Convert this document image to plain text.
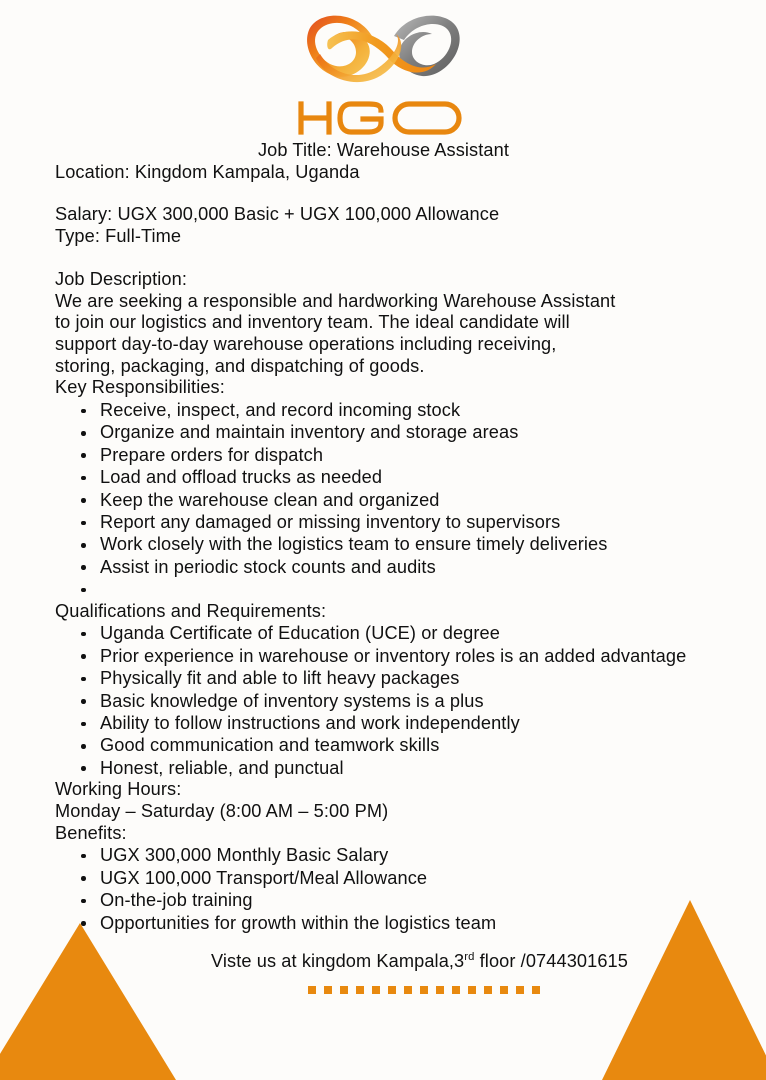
Job Title: Warehouse Assistant
Location: Kingdom Kampala, Uganda
Salary: UGX 300,000 Basic + UGX 100,000 Allowance
Type: Full-Time
Job Description:
We are seeking a responsible and hardworking Warehouse Assistant
to join our logistics and inventory team. The ideal candidate will
support day-to-day warehouse operations including receiving,
storing, packaging, and dispatching of goods.
Key Responsibilities:
Receive, inspect, and record incoming stock
Organize and maintain inventory and storage areas
Prepare orders for dispatch
Load and offload trucks as needed
Keep the warehouse clean and organized
Report any damaged or missing inventory to supervisors
Work closely with the logistics team to ensure timely deliveries
Assist in periodic stock counts and audits
Qualifications and Requirements:
Uganda Certificate of Education (UCE) or degree
Prior experience in warehouse or inventory roles is an added advantage
Physically fit and able to lift heavy packages
Basic knowledge of inventory systems is a plus
Ability to follow instructions and work independently
Good communication and teamwork skills
Honest, reliable, and punctual
Working Hours:
Monday – Saturday (8:00 AM – 5:00 PM)
Benefits:
UGX 300,000 Monthly Basic Salary
UGX 100,000 Transport/Meal Allowance
On-the-job training
Opportunities for growth within the logistics team
Viste us at kingdom Kampala,3rd floor /0744301615
